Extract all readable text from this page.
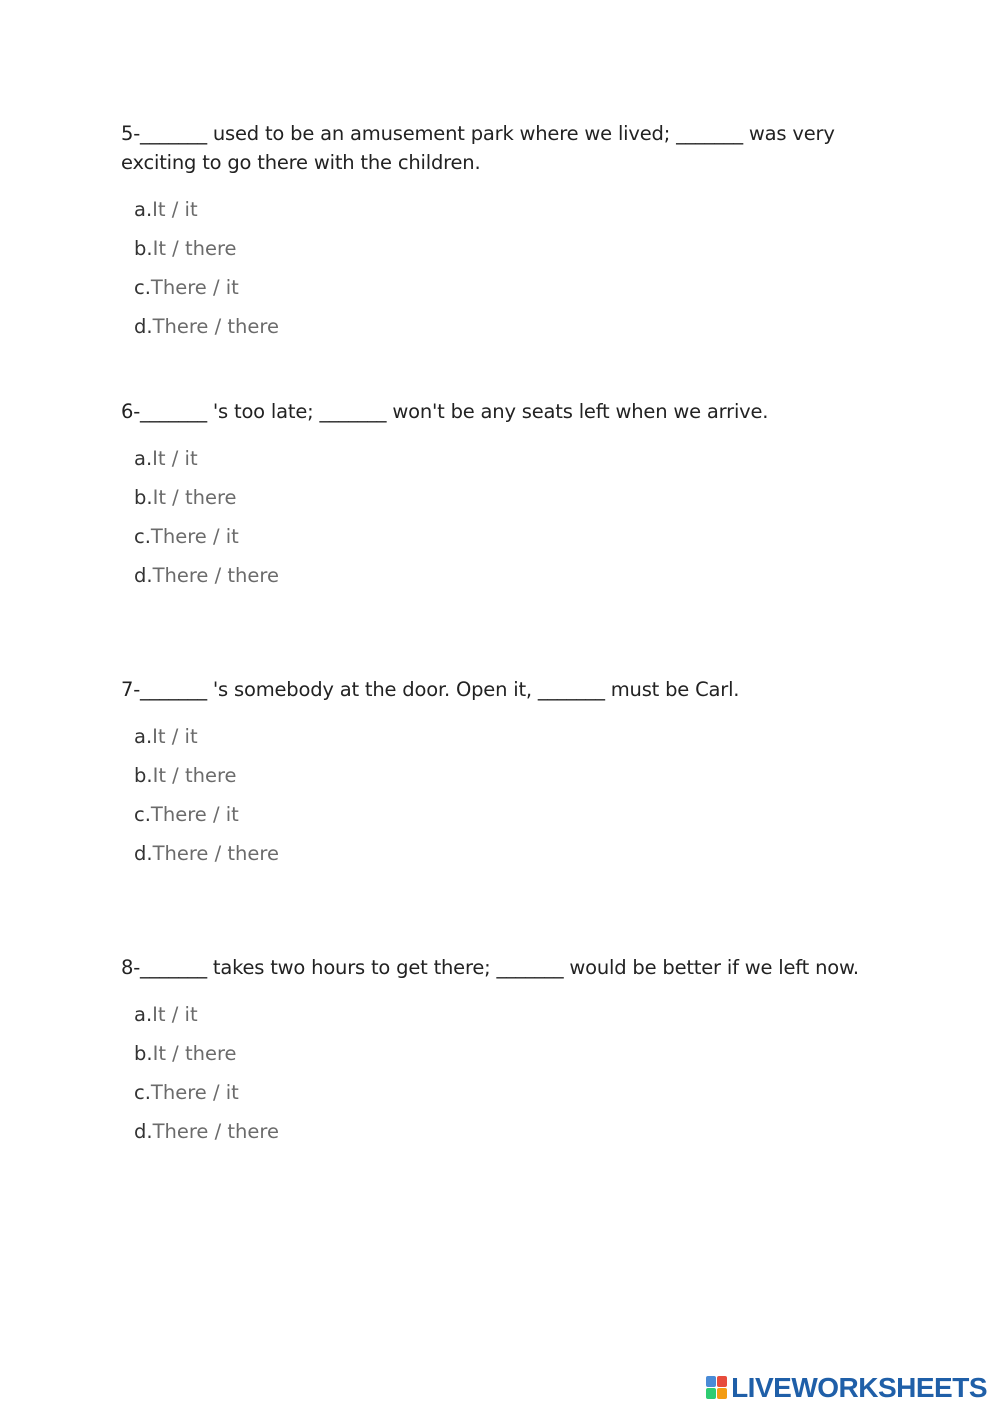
5-_______ used to be an amusement park where we lived; _______ was very exciting to go there with the children.

a.It / it
b.It / there
c.There / it
d.There / there

6-_______ 's too late; _______ won't be any seats left when we arrive.

a.It / it
b.It / there
c.There / it
d.There / there

7-_______ 's somebody at the door. Open it, _______ must be Carl.

a.It / it
b.It / there
c.There / it
d.There / there

8-_______ takes two hours to get there; _______ would be better if we left now.

a.It / it
b.It / there
c.There / it
d.There / there
LIVEWORKSHEETS
